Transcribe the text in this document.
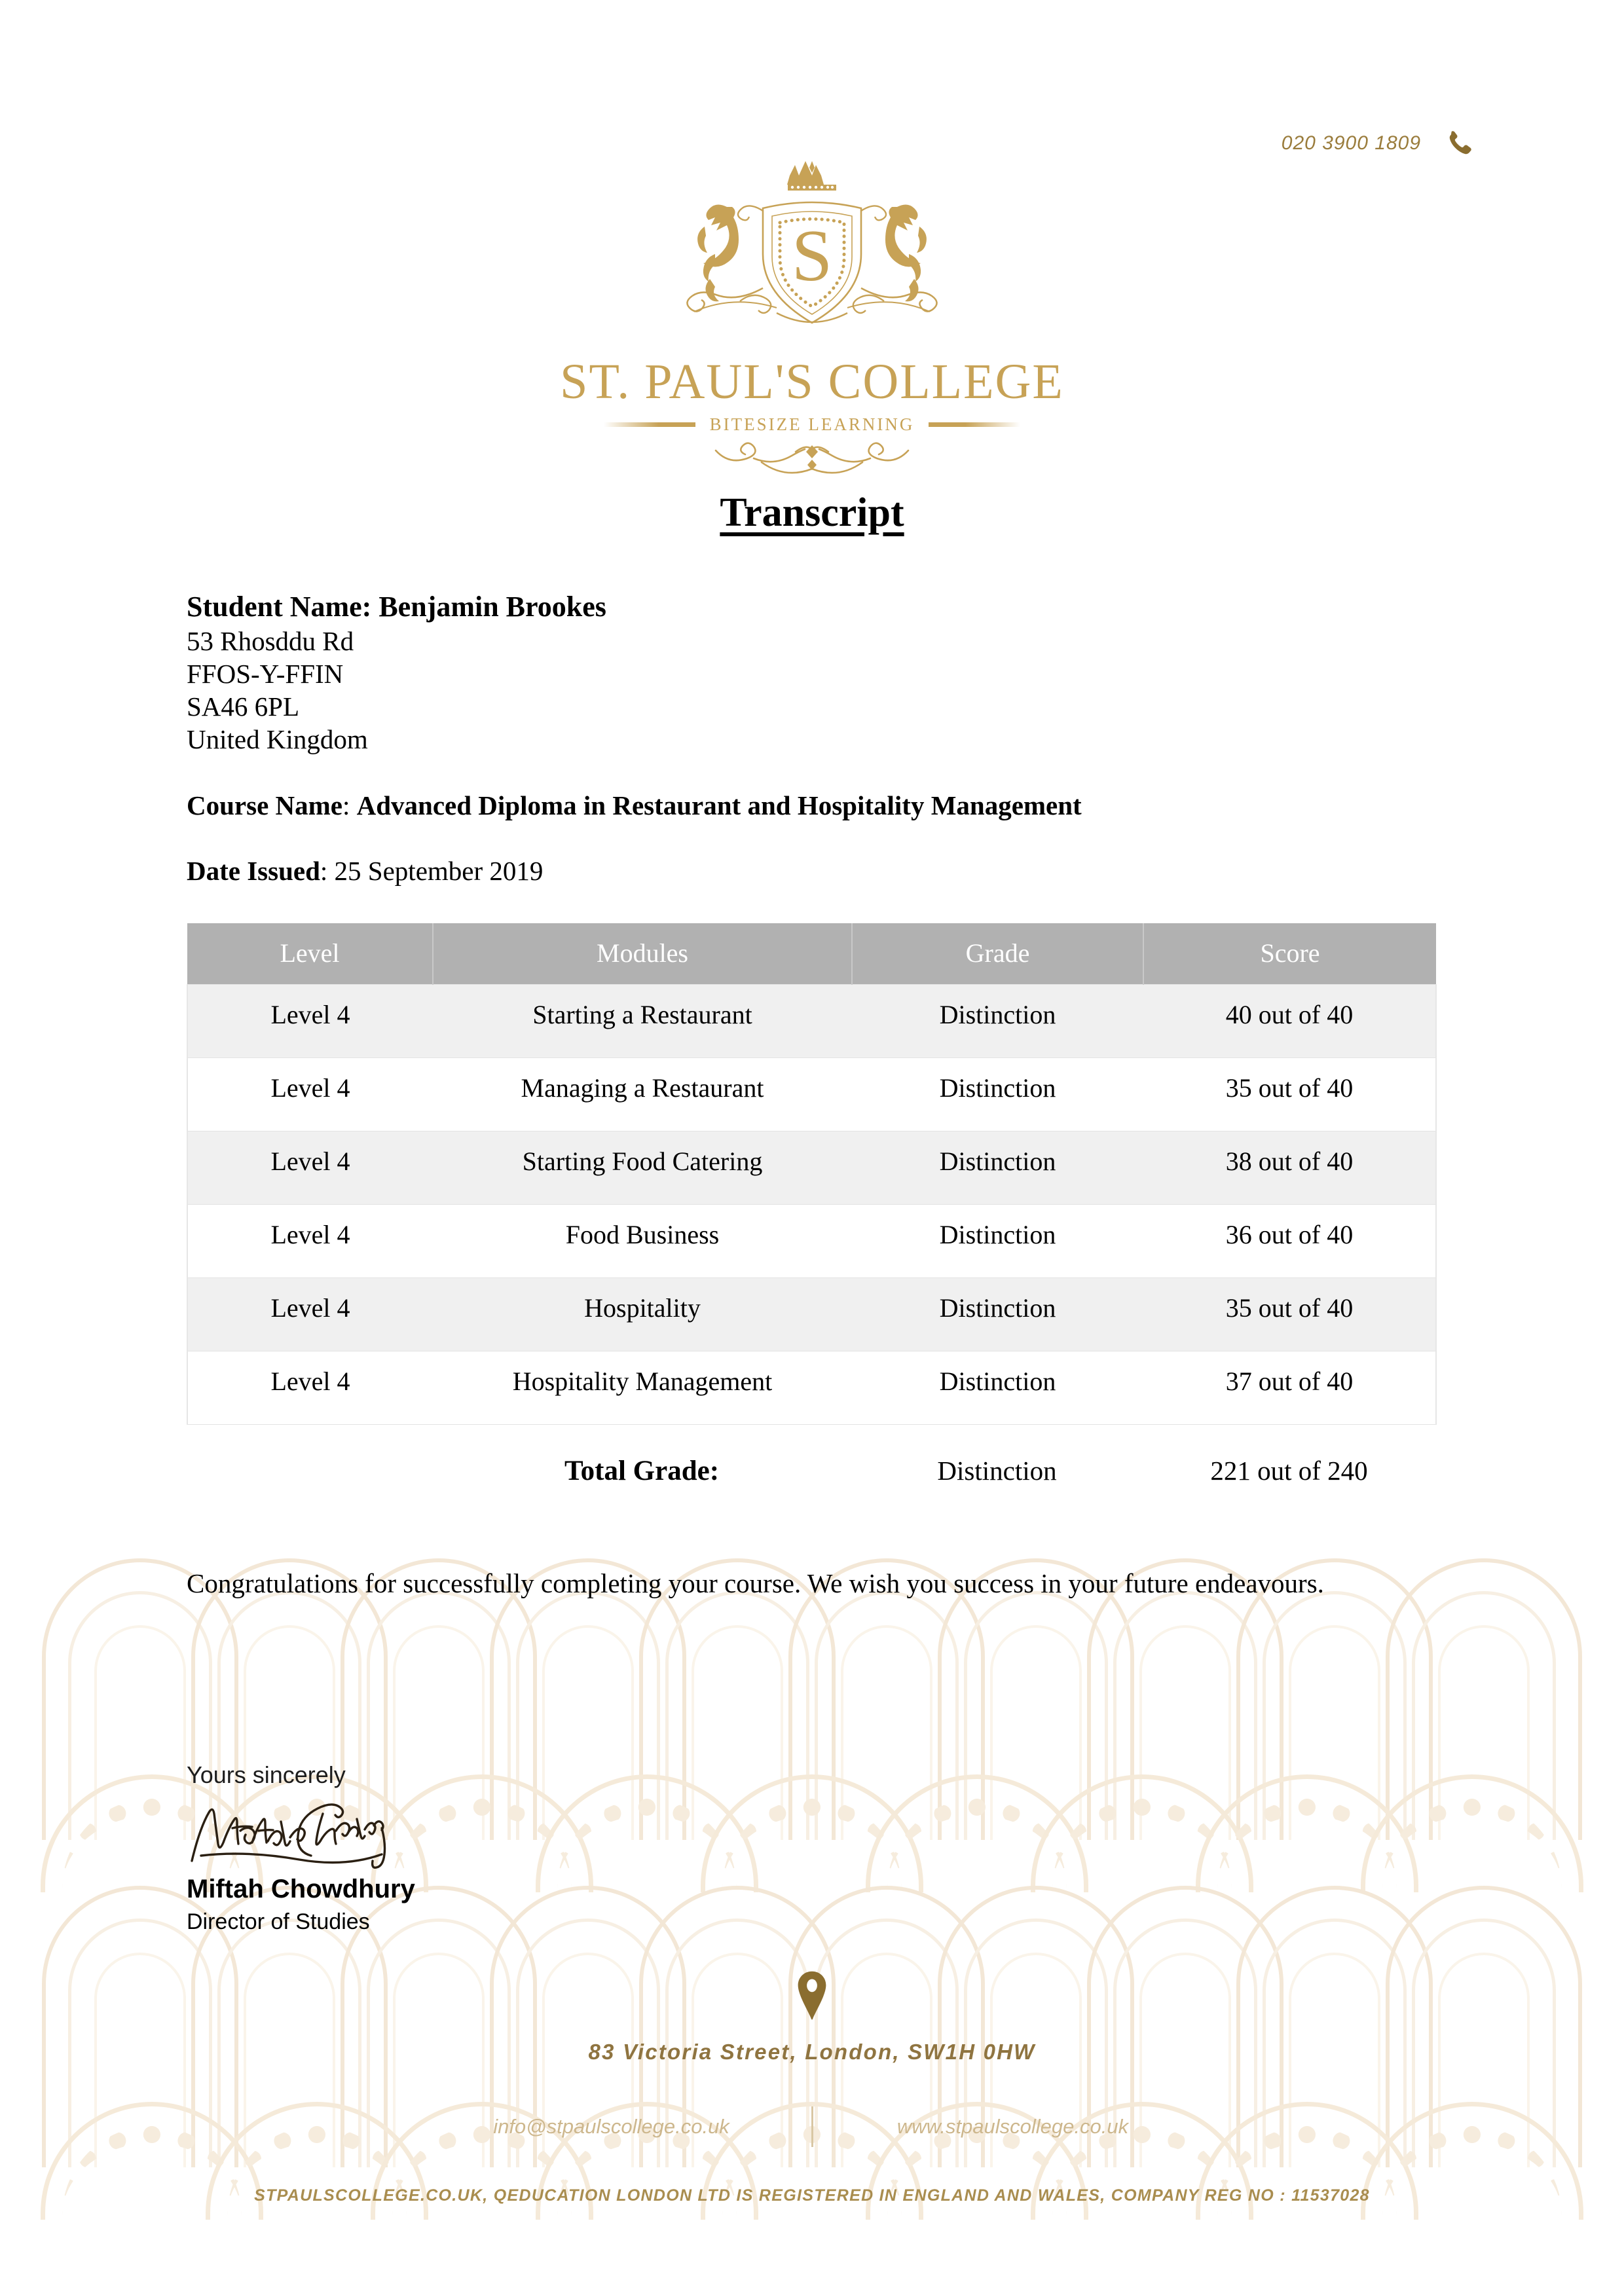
020 3900 1809
S
ST. PAUL'S COLLEGE
BITESIZE LEARNING
Transcript
Student Name: Benjamin Brookes
53 Rhosddu Rd
FFOS-Y-FFIN
SA46 6PL
United Kingdom
Course Name: Advanced Diploma in Restaurant and Hospitality Management
Date Issued: 25 September 2019
Level	Modules	Grade	Score
Level 4	Starting a Restaurant	Distinction	40 out of 40
Level 4	Managing a Restaurant	Distinction	35 out of 40
Level 4	Starting Food Catering	Distinction	38 out of 40
Level 4	Food Business	Distinction	36 out of 40
Level 4	Hospitality	Distinction	35 out of 40
Level 4	Hospitality Management	Distinction	37 out of 40
Total Grade:	Distinction	221 out of 240
Congratulations for successfully completing your course. We wish you success in your future endeavours.
Yours sincerely
Miftah Chowdhury
Director of Studies
83 Victoria Street, London, SW1H 0HW
info@stpaulscollege.co.uk	www.stpaulscollege.co.uk
STPAULSCOLLEGE.CO.UK, QEDUCATION LONDON LTD IS REGISTERED IN ENGLAND AND WALES, COMPANY REG NO : 11537028
